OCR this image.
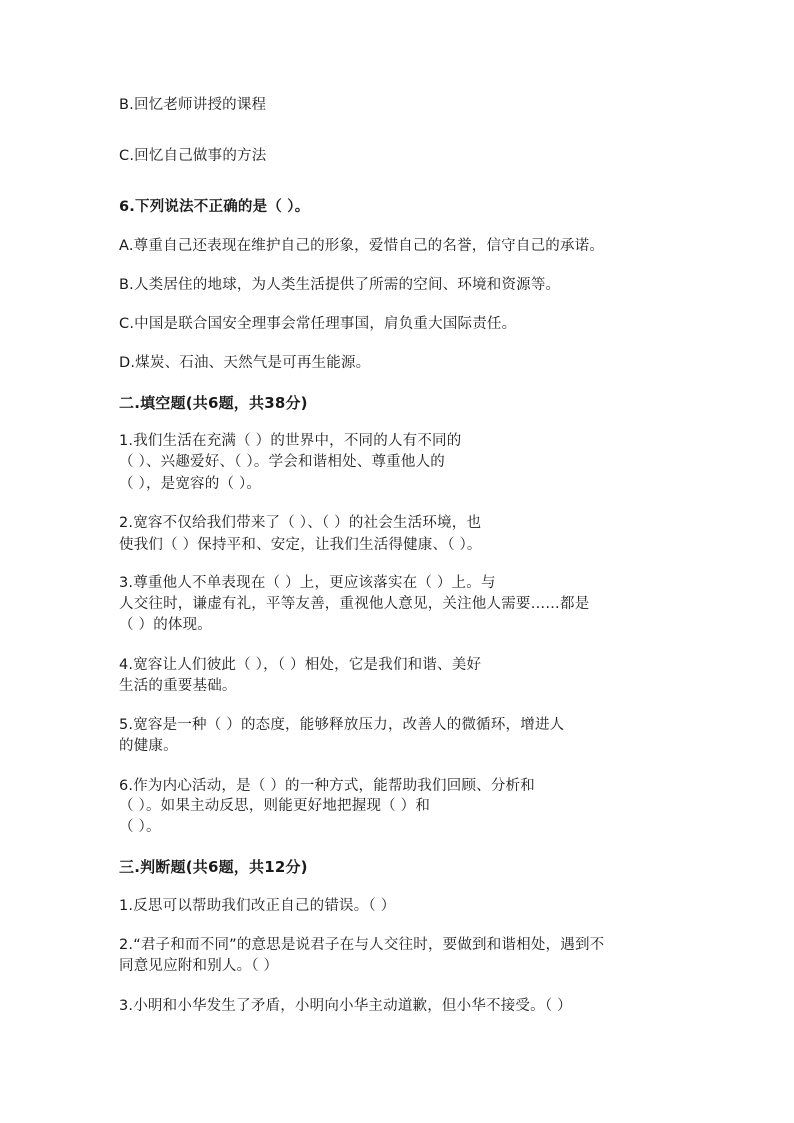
B.回忆老师讲授的课程
C.回忆自己做事的方法
6.下列说法不正确的是（ ）。
A.尊重自己还表现在维护自己的形象，爱惜自己的名誉，信守自己的承诺。
B.人类居住的地球，为人类生活提供了所需的空间、环境和资源等。
C.中国是联合国安全理事会常任理事国，肩负重大国际责任。
D.煤炭、石油、天然气是可再生能源。
二.填空题(共6题，共38分)
1.我们生活在充满（ ）的世界中，不同的人有不同的
（ ）、兴趣爱好、（ ）。学会和谐相处、尊重他人的
（ ），是宽容的（ ）。
2.宽容不仅给我们带来了（ ）、（ ）的社会生活环境，也
使我们（ ）保持平和、安定，让我们生活得健康、（ ）。
3.尊重他人不单表现在（ ）上，更应该落实在（ ）上。与
人交往时，谦虚有礼，平等友善，重视他人意见，关注他人需要……都是
（ ）的体现。
4.宽容让人们彼此（ ），（ ）相处，它是我们和谐、美好
生活的重要基础。
5.宽容是一种（ ）的态度，能够释放压力，改善人的微循环，增进人
的健康。
6.作为内心活动，是（ ）的一种方式，能帮助我们回顾、分析和
（ ）。如果主动反思，则能更好地把握现（ ）和
（ ）。
三.判断题(共6题，共12分)
1.反思可以帮助我们改正自己的错误。（ ）
2.“君子和而不同”的意思是说君子在与人交往时，要做到和谐相处，遇到不
同意见应附和别人。（ ）
3.小明和小华发生了矛盾，小明向小华主动道歉，但小华不接受。（ ）
